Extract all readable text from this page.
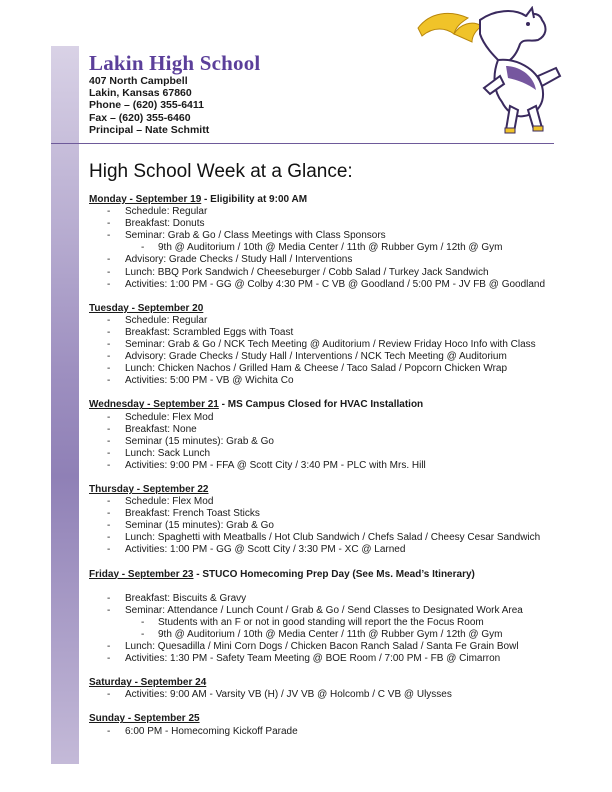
Lakin High School
407 North Campbell
Lakin, Kansas 67860
Phone – (620) 355-6411
Fax – (620) 355-6460
Principal – Nate Schmitt
High School Week at a Glance:
Monday - September 19 - Eligibility at 9:00 AM
- Schedule: Regular
- Breakfast: Donuts
- Seminar: Grab & Go / Class Meetings with Class Sponsors
- 9th @ Auditorium / 10th @ Media Center / 11th @ Rubber Gym / 12th @ Gym
- Advisory: Grade Checks / Study Hall / Interventions
- Lunch: BBQ Pork Sandwich / Cheeseburger / Cobb Salad / Turkey Jack Sandwich
- Activities: 1:00 PM - GG @ Colby 4:30 PM - C VB @ Goodland / 5:00 PM - JV FB @ Goodland
Tuesday - September 20
- Schedule: Regular
- Breakfast: Scrambled Eggs with Toast
- Seminar: Grab & Go / NCK Tech Meeting @ Auditorium / Review Friday Hoco Info with Class
- Advisory: Grade Checks / Study Hall / Interventions / NCK Tech Meeting @ Auditorium
- Lunch: Chicken Nachos / Grilled Ham & Cheese / Taco Salad / Popcorn Chicken Wrap
- Activities: 5:00 PM - VB @ Wichita Co
Wednesday - September 21 - MS Campus Closed for HVAC Installation
- Schedule: Flex Mod
- Breakfast: None
- Seminar (15 minutes): Grab & Go
- Lunch: Sack Lunch
- Activities: 9:00 PM - FFA @ Scott City / 3:40 PM - PLC with Mrs. Hill
Thursday - September 22
- Schedule: Flex Mod
- Breakfast: French Toast Sticks
- Seminar (15 minutes): Grab & Go
- Lunch: Spaghetti with Meatballs / Hot Club Sandwich / Chefs Salad / Cheesy Cesar Sandwich
- Activities: 1:00 PM - GG @ Scott City / 3:30 PM - XC @ Larned
Friday - September 23 - STUCO Homecoming Prep Day (See Ms. Mead’s Itinerary)
- Breakfast: Biscuits & Gravy
- Seminar: Attendance / Lunch Count / Grab & Go / Send Classes to Designated Work Area
- Students with an F or not in good standing will report the the Focus Room
- 9th @ Auditorium / 10th @ Media Center / 11th @ Rubber Gym / 12th @ Gym
- Lunch: Quesadilla / Mini Corn Dogs / Chicken Bacon Ranch Salad / Santa Fe Grain Bowl
- Activities: 1:30 PM - Safety Team Meeting @ BOE Room / 7:00 PM - FB @ Cimarron
Saturday - September 24
- Activities: 9:00 AM - Varsity VB (H) / JV VB @ Holcomb / C VB @ Ulysses
Sunday - September 25
- 6:00 PM - Homecoming Kickoff Parade
